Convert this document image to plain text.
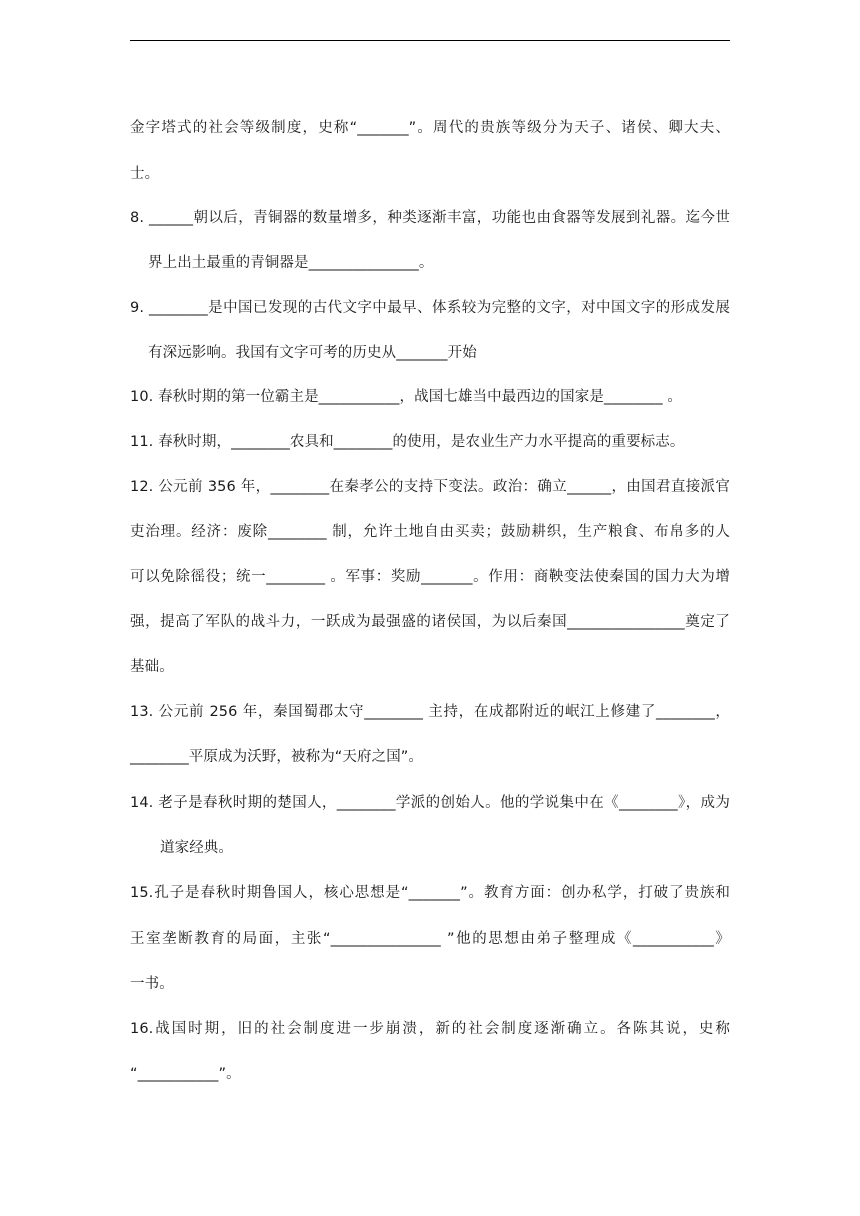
金字塔式的社会等级制度，史称“_______”。周代的贵族等级分为天子、诸侯、卿大夫、
士。
8. ______朝以后，青铜器的数量增多，种类逐渐丰富，功能也由食器等发展到礼器。迄今世
界上出土最重的青铜器是_______________。
9. ________是中国已发现的古代文字中最早、体系较为完整的文字，对中国文字的形成发展
有深远影响。我国有文字可考的历史从_______开始
10. 春秋时期的第一位霸主是___________，战国七雄当中最西边的国家是________ 。
11. 春秋时期，________农具和________的使用，是农业生产力水平提高的重要标志。
12. 公元前 356 年，________在秦孝公的支持下变法。政治：确立______，由国君直接派官
吏治理。经济：废除________ 制，允许土地自由买卖；鼓励耕织，生产粮食、布帛多的人
可以免除徭役；统一________ 。军事：奖励_______。作用：商鞅变法使秦国的国力大为增
强，提高了军队的战斗力，一跃成为最强盛的诸侯国，为以后秦国________________奠定了
基础。
13. 公元前 256 年，秦国蜀郡太守________ 主持，在成都附近的岷江上修建了________，
________平原成为沃野，被称为“天府之国”。
14. 老子是春秋时期的楚国人，________学派的创始人。他的学说集中在《________》，成为
道家经典。
15.孔子是春秋时期鲁国人，核心思想是“_______”。教育方面：创办私学，打破了贵族和
王室垄断教育的局面，主张“_______________ ”他的思想由弟子整理成《___________》
一书。
16.战国时期，旧的社会制度进一步崩溃，新的社会制度逐渐确立。各陈其说，史称
“___________”。
